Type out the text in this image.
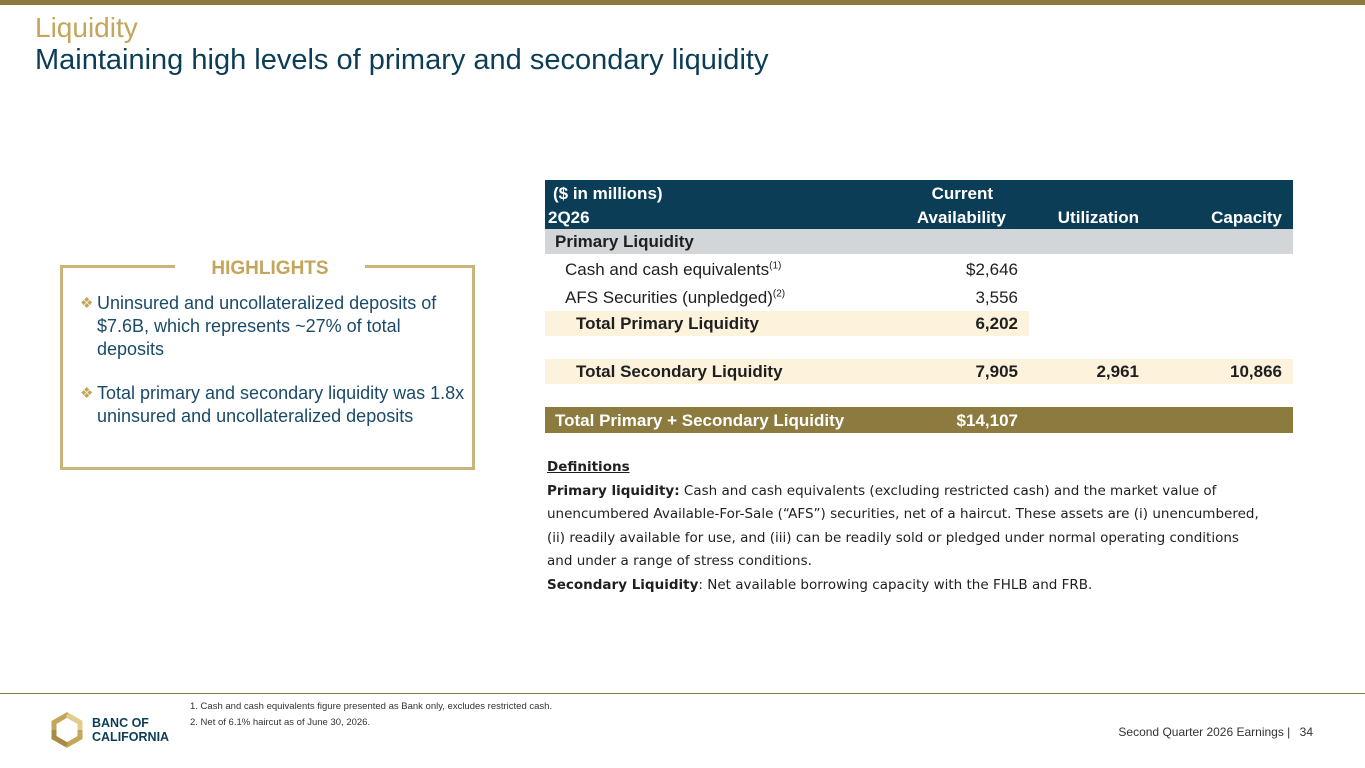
Liquidity
Maintaining high levels of primary and secondary liquidity
HIGHLIGHTS
❖ Uninsured and uncollateralized deposits of $7.6B, which represents ~27% of total deposits
❖ Total primary and secondary liquidity was 1.8x uninsured and uncollateralized deposits
($ in millions)
2Q26
Current
Availability	Utilization	Capacity
Primary Liquidity
Cash and cash equivalents$^{(1)}$	$2,646
AFS Securities (unpledged)$^{(2)}$	3,556
Total Primary Liquidity	6,202
Total Secondary Liquidity	7,905	2,961	10,866
Total Primary + Secondary Liquidity	$14,107
Definitions
Primary liquidity: Cash and cash equivalents (excluding restricted cash) and the market value of unencumbered Available-For-Sale (“AFS”) securities, net of a haircut. These assets are (i) unencumbered, (ii) readily available for use, and (iii) can be readily sold or pledged under normal operating conditions and under a range of stress conditions.
Secondary Liquidity: Net available borrowing capacity with the FHLB and FRB.
1. Cash and cash equivalents figure presented as Bank only, excludes restricted cash.
2. Net of 6.1% haircut as of June 30, 2026.
BANC OF
CALIFORNIA	Second Quarter 2026 Earnings | 34
